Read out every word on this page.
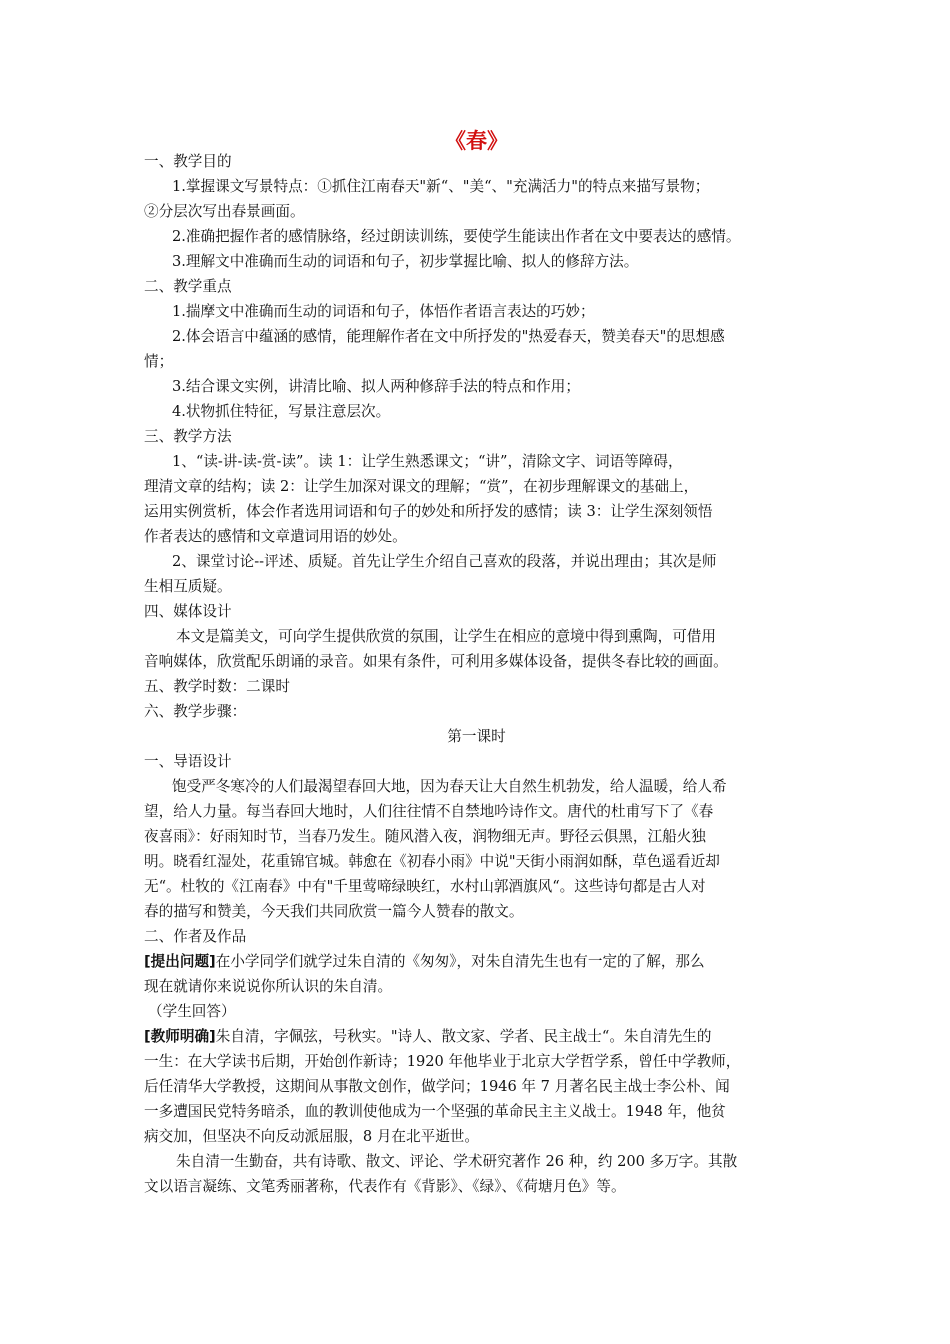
《春》
一、教学目的
1.掌握课文写景特点：①抓住江南春天"新“、"美“、"充满活力"的特点来描写景物；
②分层次写出春景画面。
2.准确把握作者的感情脉络，经过朗读训练，要使学生能读出作者在文中要表达的感情。
3.理解文中准确而生动的词语和句子，初步掌握比喻、拟人的修辞方法。
二、教学重点
1.揣摩文中准确而生动的词语和句子，体悟作者语言表达的巧妙；
2.体会语言中蕴涵的感情，能理解作者在文中所抒发的"热爱春天，赞美春天"的思想感
情；
3.结合课文实例，讲清比喻、拟人两种修辞手法的特点和作用；
4.状物抓住特征，写景注意层次。
三、教学方法
1、“读-讲-读-赏-读”。读 1：让学生熟悉课文；“讲”，清除文字、词语等障碍，
理清文章的结构；读 2：让学生加深对课文的理解；“赏”，在初步理解课文的基础上，
运用实例赏析，体会作者选用词语和句子的妙处和所抒发的感情；读 3：让学生深刻领悟
作者表达的感情和文章遣词用语的妙处。
2、课堂讨论--评述、质疑。首先让学生介绍自己喜欢的段落，并说出理由；其次是师
生相互质疑。
四、媒体设计
本文是篇美文，可向学生提供欣赏的氛围，让学生在相应的意境中得到熏陶，可借用
音响媒体，欣赏配乐朗诵的录音。如果有条件，可利用多媒体设备，提供冬春比较的画面。
五、教学时数：二课时
六、教学步骤：
第一课时
一、导语设计
饱受严冬寒冷的人们最渴望春回大地，因为春天让大自然生机勃发，给人温暖，给人希
望，给人力量。每当春回大地时，人们往往情不自禁地吟诗作文。唐代的杜甫写下了《春
夜喜雨》：好雨知时节，当春乃发生。随风潜入夜，润物细无声。野径云俱黑，江船火独
明。晓看红湿处，花重锦官城。韩愈在《初春小雨》中说"天街小雨润如酥，草色遥看近却
无“。杜牧的《江南春》中有"千里莺啼绿映红，水村山郭酒旗风“。这些诗句都是古人对
春的描写和赞美，今天我们共同欣赏一篇今人赞春的散文。
二、作者及作品
[提出问题]在小学同学们就学过朱自清的《匆匆》，对朱自清先生也有一定的了解，那么
现在就请你来说说你所认识的朱自清。
（学生回答）
[教师明确]朱自清，字佩弦，号秋实。"诗人、散文家、学者、民主战士“。朱自清先生的
一生：在大学读书后期，开始创作新诗；1920 年他毕业于北京大学哲学系，曾任中学教师，
后任清华大学教授，这期间从事散文创作，做学问；1946 年 7 月著名民主战士李公朴、闻
一多遭国民党特务暗杀，血的教训使他成为一个坚强的革命民主主义战士。1948 年，他贫
病交加，但坚决不向反动派屈服，8 月在北平逝世。
朱自清一生勤奋，共有诗歌、散文、评论、学术研究著作 26 种，约 200 多万字。其散
文以语言凝练、文笔秀丽著称，代表作有《背影》、《绿》、《荷塘月色》等。
